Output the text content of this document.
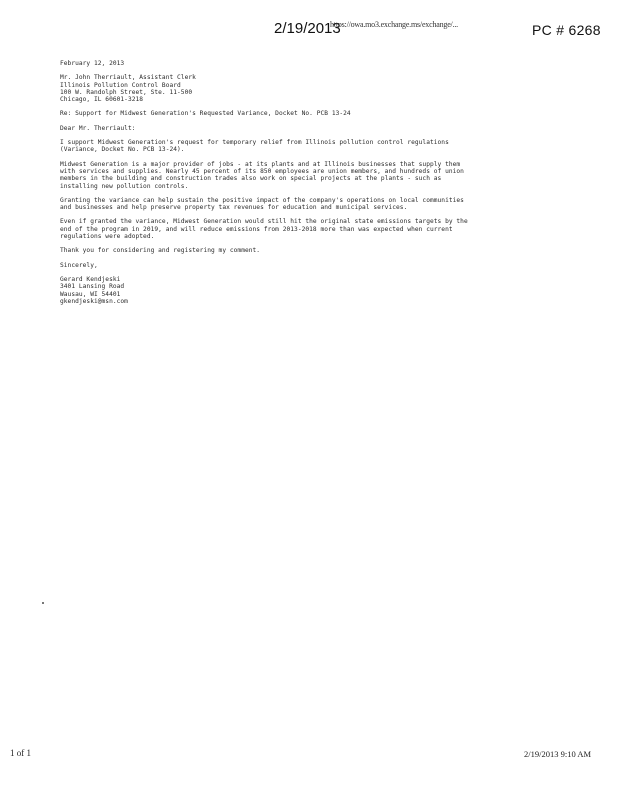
2/19/2013
https://owa.mo3.exchange.ms/exchange/...	PC # 6268
February 12, 2013
Mr. John Therriault, Assistant Clerk
Illinois Pollution Control Board
100 W. Randolph Street, Ste. 11-500
Chicago, IL 60601-3218
Re: Support for Midwest Generation's Requested Variance, Docket No. PCB 13-24
Dear Mr. Therriault:
I support Midwest Generation's request for temporary relief from Illinois pollution control regulations
(Variance, Docket No. PCB 13-24).
Midwest Generation is a major provider of jobs - at its plants and at Illinois businesses that supply them
with services and supplies. Nearly 45 percent of its 850 employees are union members, and hundreds of union
members in the building and construction trades also work on special projects at the plants - such as
installing new pollution controls.
Granting the variance can help sustain the positive impact of the company's operations on local communities
and businesses and help preserve property tax revenues for education and municipal services.
Even if granted the variance, Midwest Generation would still hit the original state emissions targets by the
end of the program in 2019, and will reduce emissions from 2013-2018 more than was expected when current
regulations were adopted.
Thank you for considering and registering my comment.
Sincerely,
Gerard Kendjeski
3401 Lansing Road
Wausau, WI 54401
gkendjeski@msn.com
1 of 1	2/19/2013 9:10 AM
